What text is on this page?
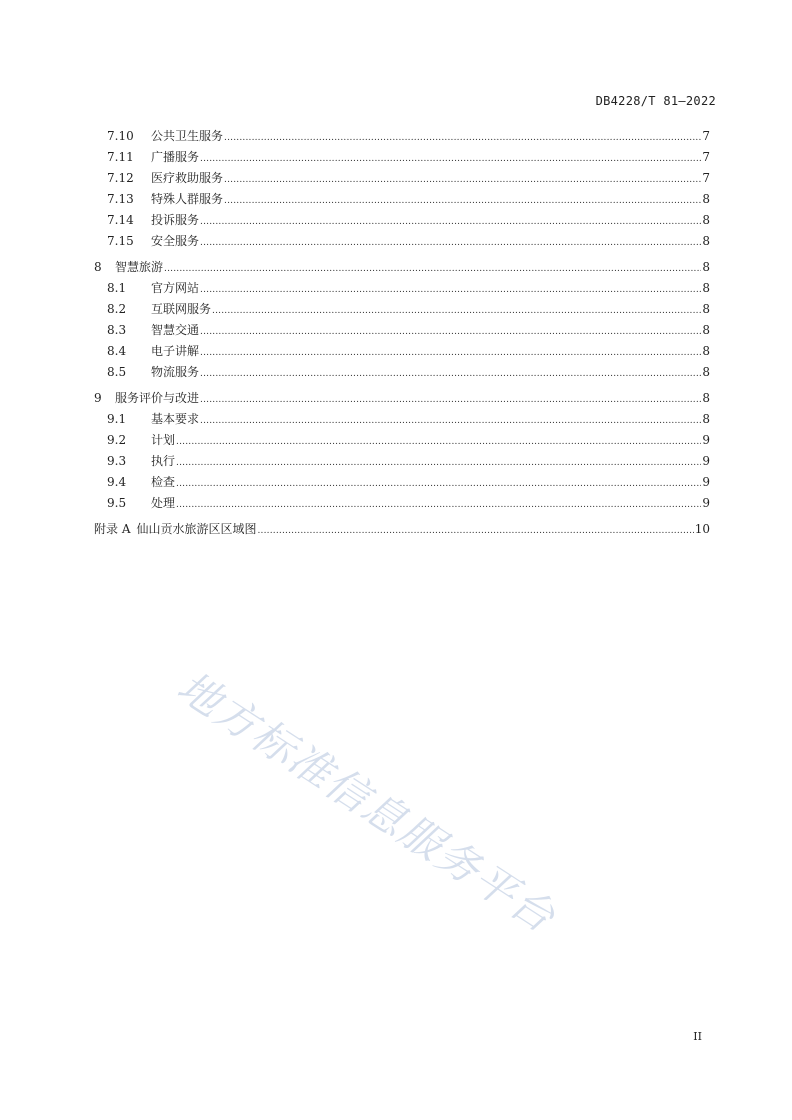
DB4228/T 81—2022
7.10	公共卫生服务 .....	7
7.11	广播服务 .....	7
7.12	医疗救助服务 .....	7
7.13	特殊人群服务 .....	8
7.14	投诉服务 .....	8
7.15	安全服务 .....	8
8	智慧旅游 .....	8
8.1	官方网站 .....	8
8.2	互联网服务 .....	8
8.3	智慧交通 .....	8
8.4	电子讲解 .....	8
8.5	物流服务 .....	8
9	服务评价与改进 .....	8
9.1	基本要求 .....	8
9.2	计划 .....	9
9.3	执行 .....	9
9.4	检查 .....	9
9.5	处理 .....	9
附录 A 仙山贡水旅游区区域图 .....	10
地方标准信息服务平台
II
